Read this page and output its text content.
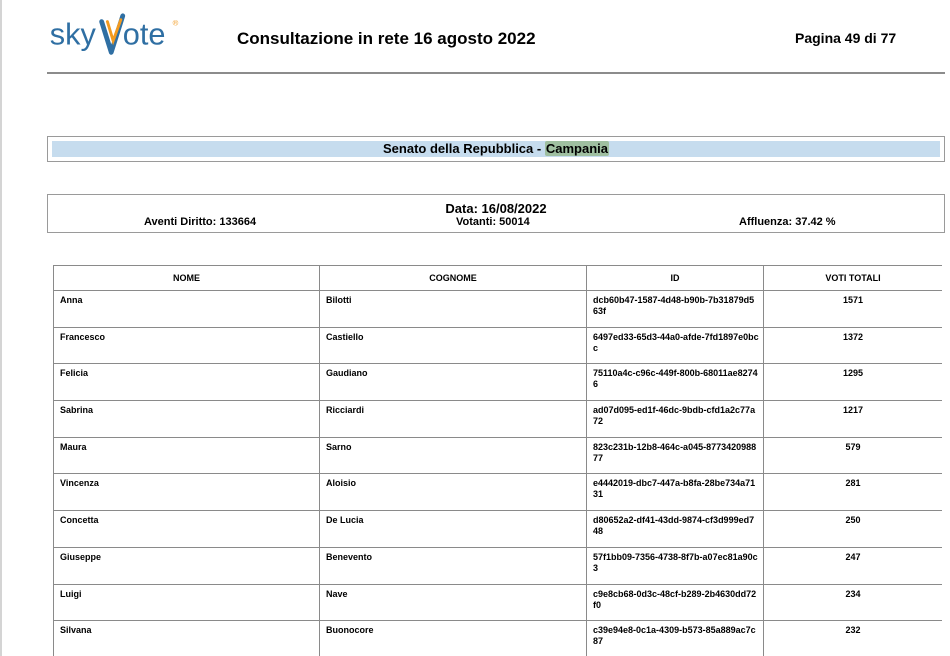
sky ote ®
Consultazione in rete 16 agosto 2022	Pagina 49 di 77
Senato della Repubblica - Campania
Data: 16/08/2022
Aventi Diritto: 133664	Votanti: 50014	Affluenza: 37.42 %
NOME	COGNOME	ID	VOTI TOTALI
Anna	Bilotti	dcb60b47-1587-4d48-b90b-7b31879d563f	1571
Francesco	Castiello	6497ed33-65d3-44a0-afde-7fd1897e0bcc	1372
Felicia	Gaudiano	75110a4c-c96c-449f-800b-68011ae82746	1295
Sabrina	Ricciardi	ad07d095-ed1f-46dc-9bdb-cfd1a2c77a72	1217
Maura	Sarno	823c231b-12b8-464c-a045-877342098877	579
Vincenza	Aloisio	e4442019-dbc7-447a-b8fa-28be734a7131	281
Concetta	De Lucia	d80652a2-df41-43dd-9874-cf3d999ed748	250
Giuseppe	Benevento	57f1bb09-7356-4738-8f7b-a07ec81a90c3	247
Luigi	Nave	c9e8cb68-0d3c-48cf-b289-2b4630dd72f0	234
Silvana	Buonocore	c39e94e8-0c1a-4309-b573-85a889ac7c87	232
